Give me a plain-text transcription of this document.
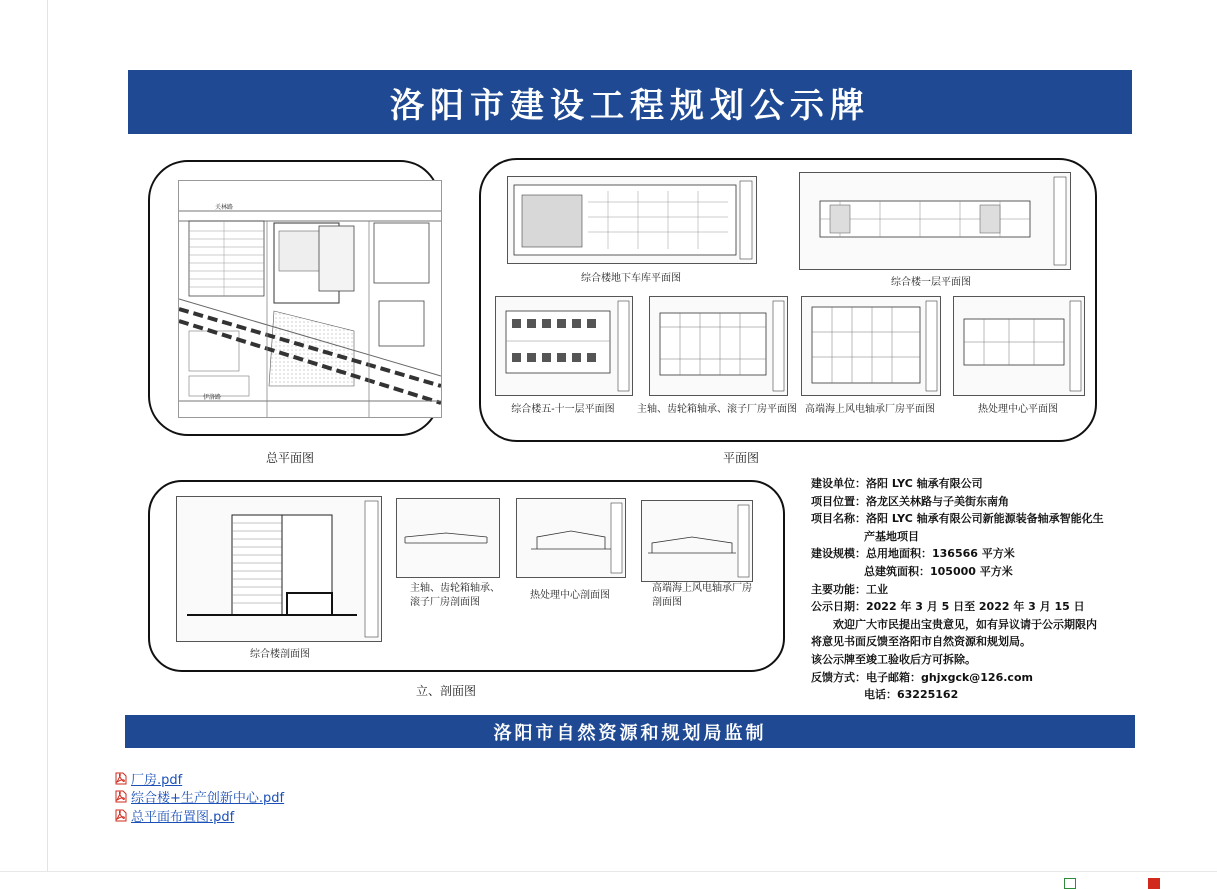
洛阳市建设工程规划公示牌
关林路
伊洛路
总平面图
综合楼地下车库平面图	综合楼一层平面图
综合楼五-十一层平面图	主轴、齿轮箱轴承、滚子厂房平面图 高端海上风电轴承厂房平面图	热处理中心平面图
平面图
综合楼剖面图
主轴、齿轮箱轴承、滚子厂房剖面图
热处理中心剖面图
高端海上风电轴承厂房剖面图
立、剖面图
建设单位： 洛阳 LYC 轴承有限公司
项目位置： 洛龙区关林路与子美街东南角
项目名称： 洛阳 LYC 轴承有限公司新能源装备轴承智能化生
产基地项目
建设规模： 总用地面积：136566 平方米
总建筑面积：105000 平方米
主要功能： 工业
公示日期： 2022 年 3 月 5 日至 2022 年 3 月 15 日
欢迎广大市民提出宝贵意见，如有异议请于公示期限内
将意见书面反馈至洛阳市自然资源和规划局。
该公示牌至竣工验收后方可拆除。
反馈方式： 电子邮箱：ghjxgck@126.com
电话：63225162
洛阳市自然资源和规划局监制
厂房.pdf
综合楼+生产创新中心.pdf
总平面布置图.pdf
